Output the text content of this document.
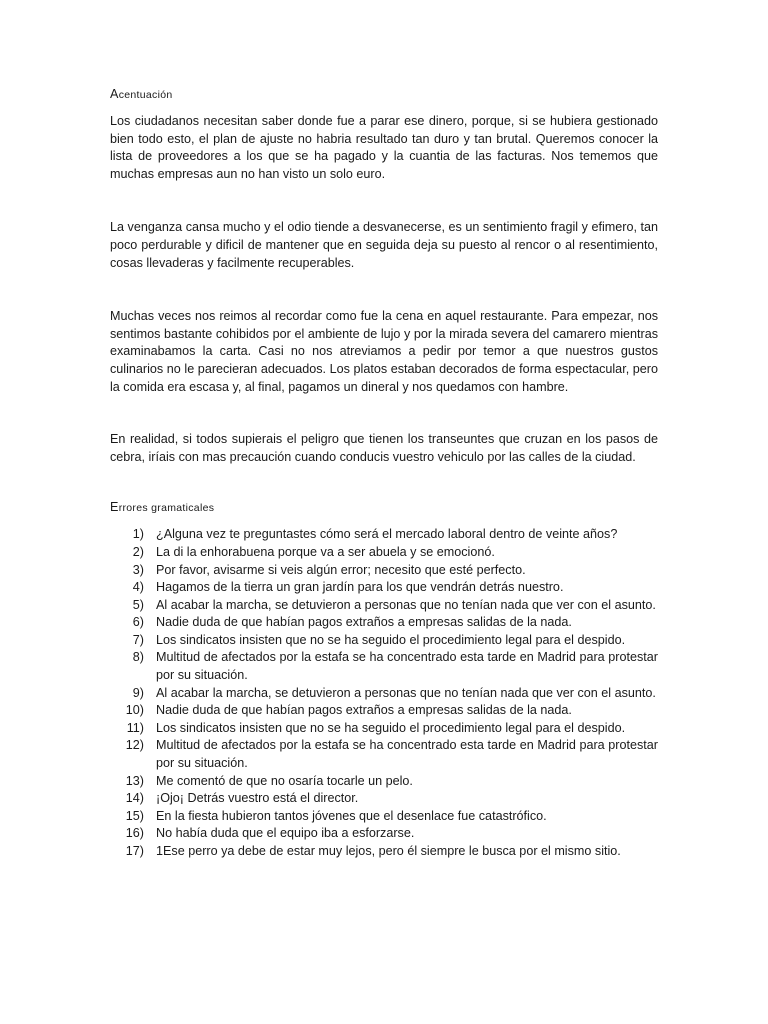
Acentuación

Los ciudadanos necesitan saber donde fue a parar ese dinero, porque, si se hubiera gestionado bien todo esto, el plan de ajuste no habria resultado tan duro y tan brutal. Queremos conocer la lista de proveedores a los que se ha pagado y la cuantia de las facturas. Nos tememos que muchas empresas aun no han visto un solo euro.

La venganza cansa mucho y el odio tiende a desvanecerse, es un sentimiento fragil y efimero, tan poco perdurable y dificil de mantener que en seguida deja su puesto al rencor o al resentimiento, cosas llevaderas y facilmente recuperables.

Muchas veces nos reimos al recordar como fue la cena en aquel restaurante. Para empezar, nos sentimos bastante cohibidos por el ambiente de lujo y por la mirada severa del camarero mientras examinabamos la carta. Casi no nos atreviamos a pedir por temor a que nuestros gustos culinarios no le parecieran adecuados. Los platos estaban decorados de forma espectacular, pero la comida era escasa y, al final, pagamos un dineral y nos quedamos con hambre.

En realidad, si todos supierais el peligro que tienen los transeuntes que cruzan en los pasos de cebra, iríais con mas precaución cuando conducis vuestro vehiculo por las calles de la ciudad.

Errores gramaticales

1) ¿Alguna vez te preguntastes cómo será el mercado laboral dentro de veinte años?
2) La di la enhorabuena porque va a ser abuela y se emocionó.
3) Por favor, avisarme si veis algún error; necesito que esté perfecto.
4) Hagamos de la tierra un gran jardín para los que vendrán detrás nuestro.
5) Al acabar la marcha, se detuvieron a personas que no tenían nada que ver con el asunto.
6) Nadie duda de que habían pagos extraños a empresas salidas de la nada.
7) Los sindicatos insisten que no se ha seguido el procedimiento legal para el despido.
8) Multitud de afectados por la estafa se ha concentrado esta tarde en Madrid para protestar por su situación.
9) Al acabar la marcha, se detuvieron a personas que no tenían nada que ver con el asunto.
10) Nadie duda de que habían pagos extraños a empresas salidas de la nada.
11) Los sindicatos insisten que no se ha seguido el procedimiento legal para el despido.
12) Multitud de afectados por la estafa se ha concentrado esta tarde en Madrid para protestar por su situación.
13) Me comentó de que no osaría tocarle un pelo.
14) ¡Ojo¡ Detrás vuestro está el director.
15) En la fiesta hubieron tantos jóvenes que el desenlace fue catastrófico.
16) No había duda que el equipo iba a esforzarse.
17) 1Ese perro ya debe de estar muy lejos, pero él siempre le busca por el mismo sitio.
